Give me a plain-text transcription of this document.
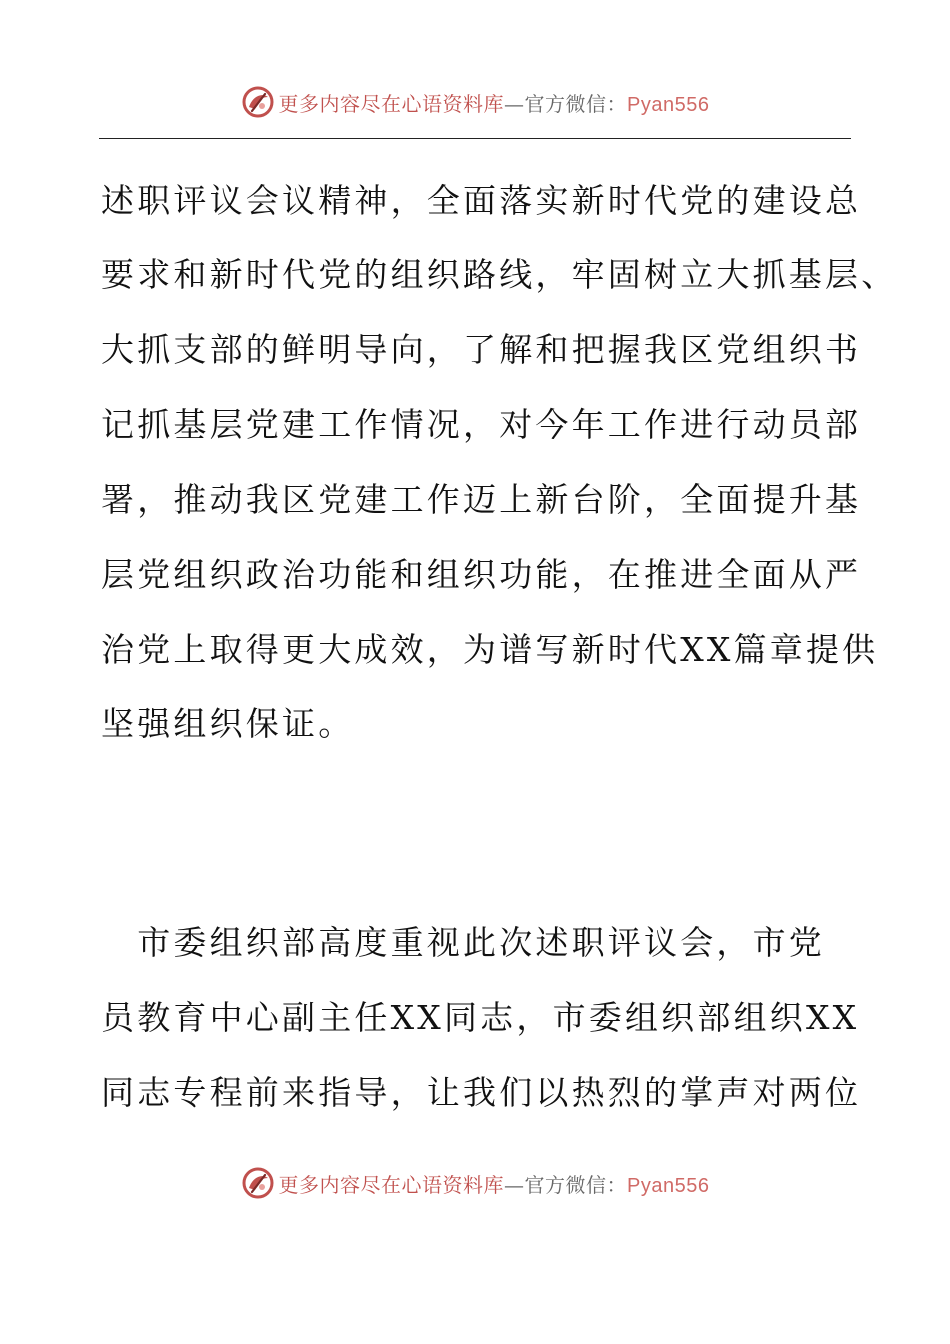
更多内容尽在心语资料库—官方微信：Pyan556
述职评议会议精神，全面落实新时代党的建设总
要求和新时代党的组织路线，牢固树立大抓基层、
大抓支部的鲜明导向，了解和把握我区党组织书
记抓基层党建工作情况，对今年工作进行动员部
署，推动我区党建工作迈上新台阶，全面提升基
层党组织政治功能和组织功能，在推进全面从严
治党上取得更大成效，为谱写新时代XX篇章提供
坚强组织保证。
　市委组织部高度重视此次述职评议会，市党
员教育中心副主任XX同志，市委组织部组织XX
同志专程前来指导，让我们以热烈的掌声对两位
更多内容尽在心语资料库—官方微信：Pyan556
